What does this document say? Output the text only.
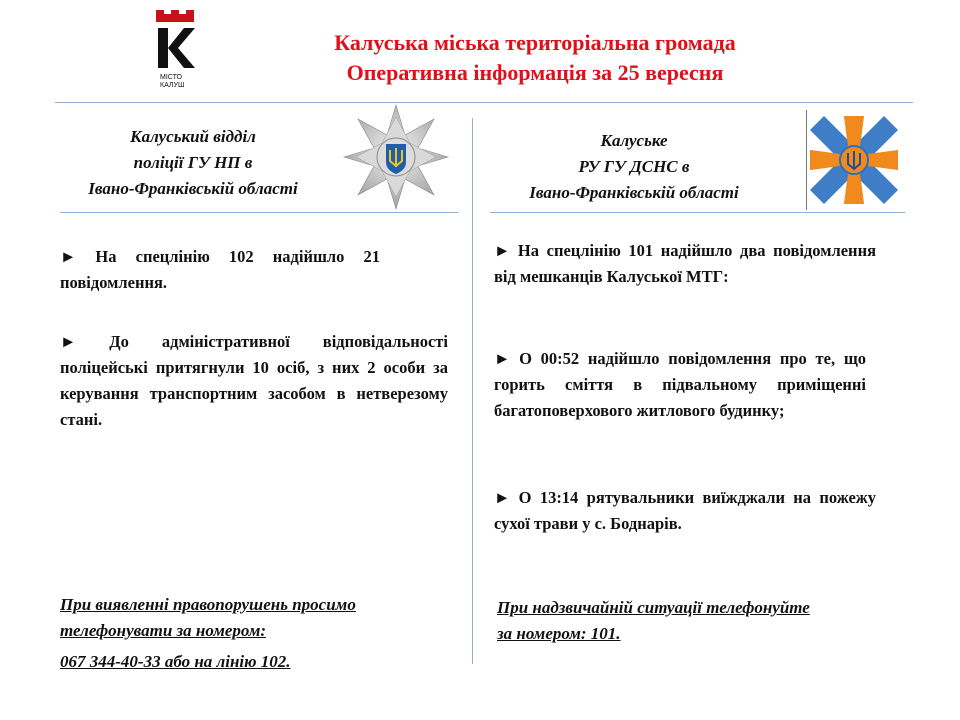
МІСТО
КАЛУШ
Калуська міська територіальна громада
Оперативна інформація за 25 вересня
Калуський відділ
поліції ГУ НП в
Івано-Франківській області
► На спецлінію 102 надійшло 21 повідомлення.
► До адміністративної відповідальності поліцейські притягнули 10 осіб, з них 2 особи за керування транспортним засобом в нетверезому стані.
При виявленні правопорушень просимо
телефонувати за номером:
067 344-40-33 або на лінію 102.
Калуське
РУ ГУ ДСНС в
Івано-Франківській області
► На спецлінію 101 надійшло два повідомлення від мешканців Калуської МТГ:
► О 00:52 надійшло повідомлення про те, що горить сміття в підвальному приміщенні багатоповерхового житлового будинку;
► О 13:14 рятувальники виїжджали на пожежу сухої трави у с. Боднарів.
При надзвичайній ситуації телефонуйте
за номером: 101.
